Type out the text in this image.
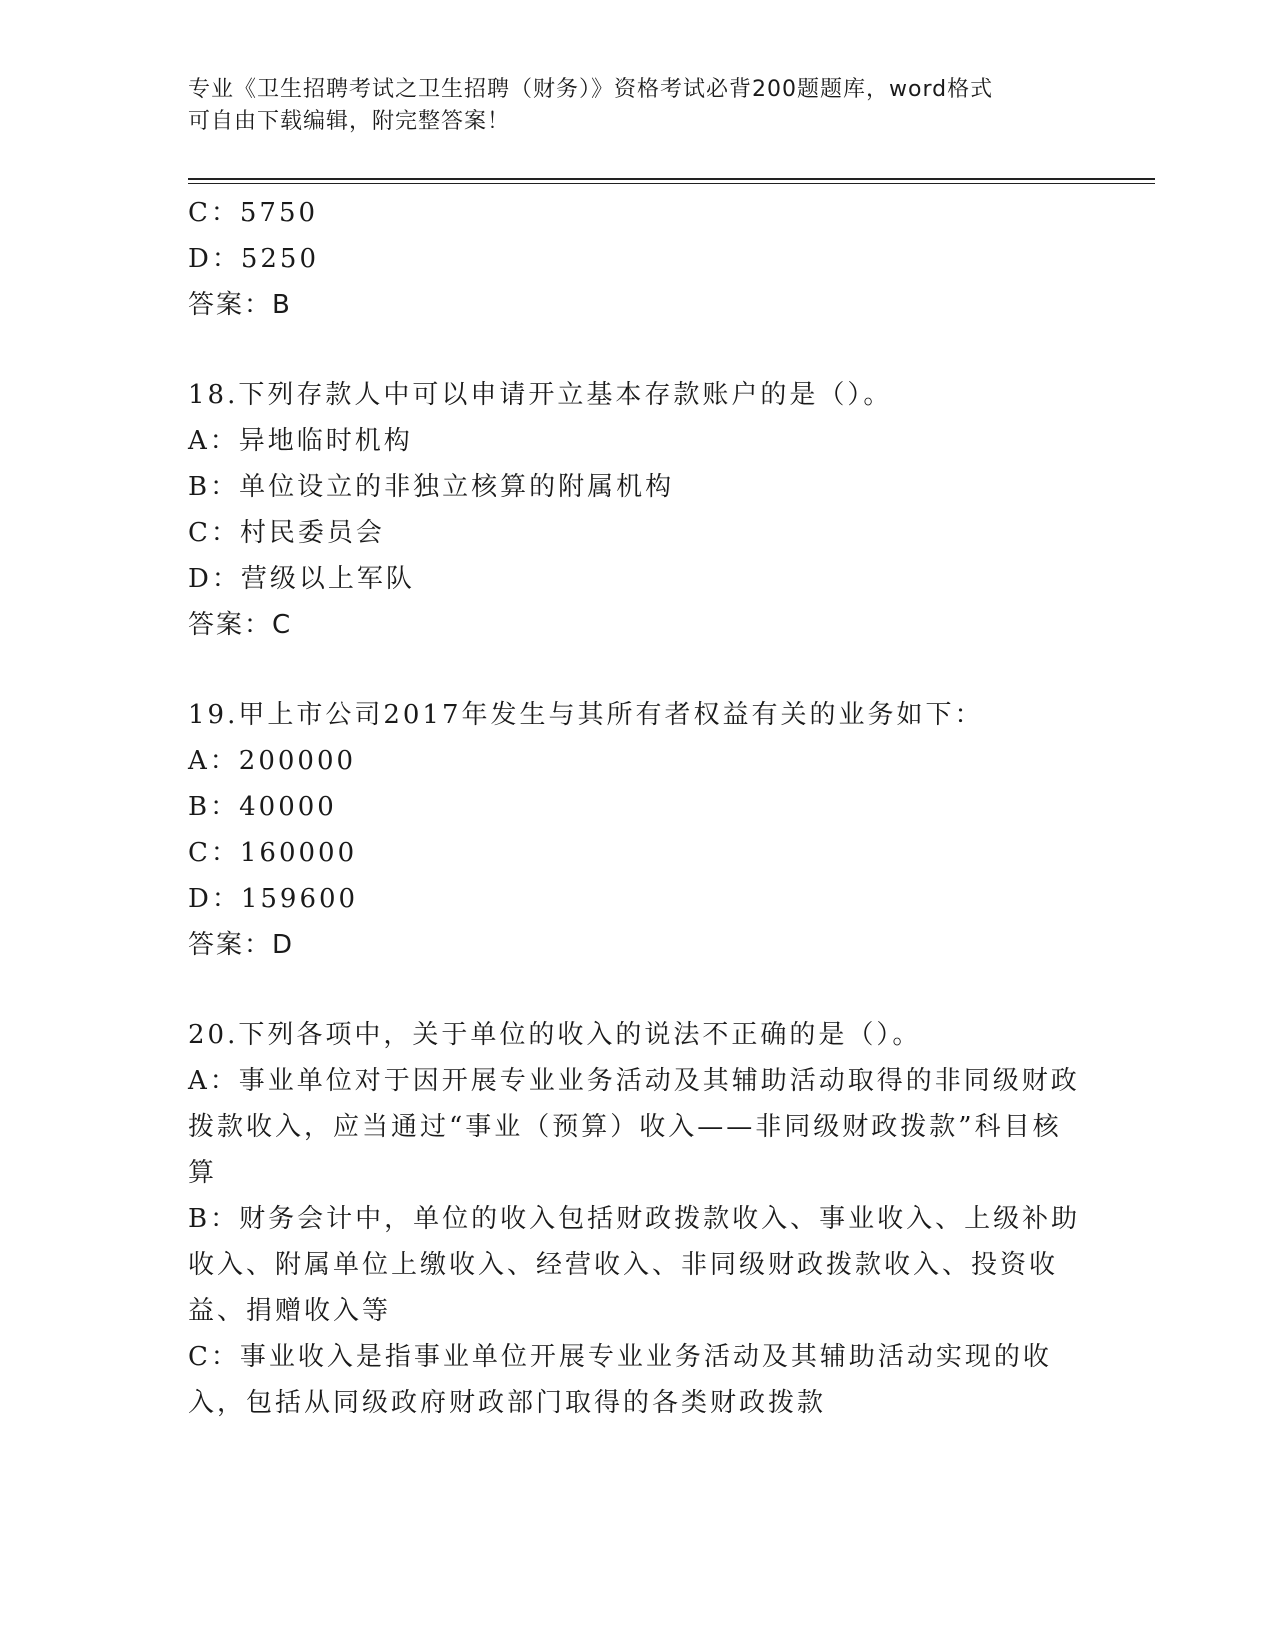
专业《卫生招聘考试之卫生招聘（财务）》资格考试必背200题题库，word格式
可自由下载编辑，附完整答案！
C：5750
D：5250
答案：B
18.下列存款人中可以申请开立基本存款账户的是（）。
A：异地临时机构
B：单位设立的非独立核算的附属机构
C：村民委员会
D：营级以上军队
答案：C
19.甲上市公司2017年发生与其所有者权益有关的业务如下：
A：200000
B：40000
C：160000
D：159600
答案：D
20.下列各项中，关于单位的收入的说法不正确的是（）。
A：事业单位对于因开展专业业务活动及其辅助活动取得的非同级财政拨款收入，应当通过“事业（预算）收入——非同级财政拨款”科目核算
B：财务会计中，单位的收入包括财政拨款收入、事业收入、上级补助收入、附属单位上缴收入、经营收入、非同级财政拨款收入、投资收益、捐赠收入等
C：事业收入是指事业单位开展专业业务活动及其辅助活动实现的收入，包括从同级政府财政部门取得的各类财政拨款
